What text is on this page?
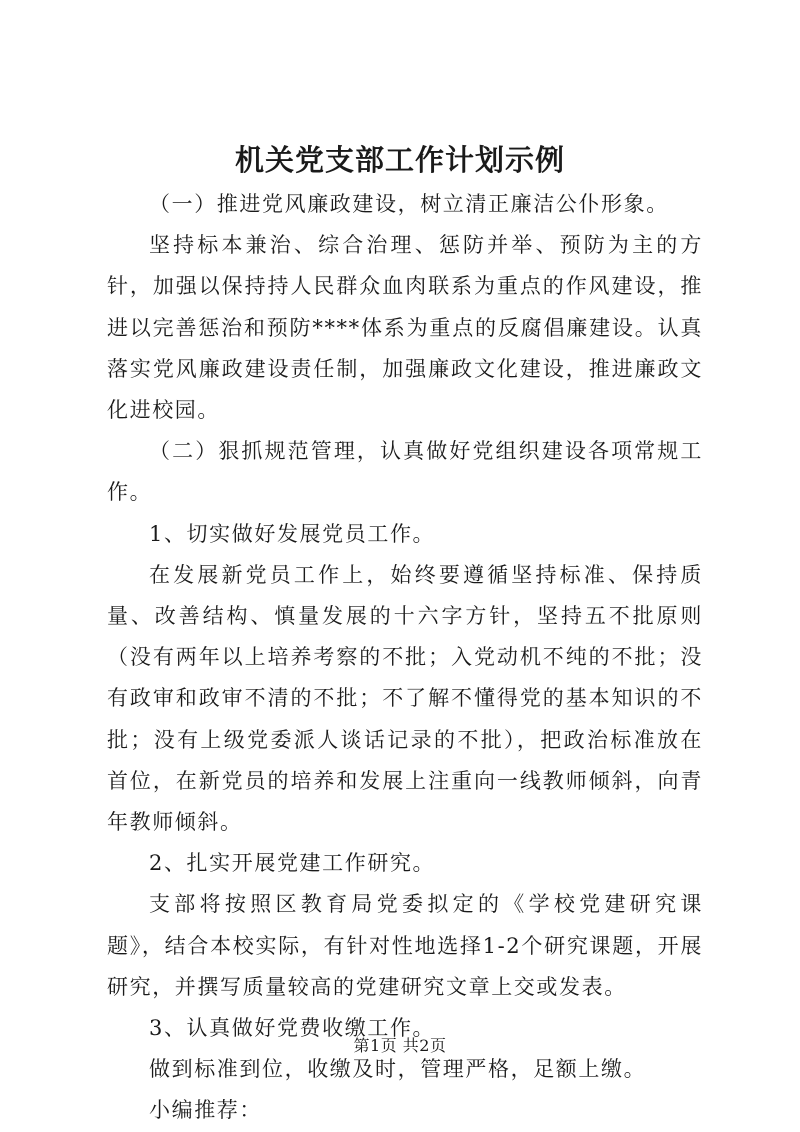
机关党支部工作计划示例

（一）推进党风廉政建设，树立清正廉洁公仆形象。

坚持标本兼治、综合治理、惩防并举、预防为主的方针，加强以保持持人民群众血肉联系为重点的作风建设，推进以完善惩治和预防****体系为重点的反腐倡廉建设。认真落实党风廉政建设责任制，加强廉政文化建设，推进廉政文化进校园。

（二）狠抓规范管理，认真做好党组织建设各项常规工作。

1、切实做好发展党员工作。

在发展新党员工作上，始终要遵循坚持标准、保持质量、改善结构、慎量发展的十六字方针，坚持五不批原则（没有两年以上培养考察的不批；入党动机不纯的不批；没有政审和政审不清的不批；不了解不懂得党的基本知识的不批；没有上级党委派人谈话记录的不批），把政治标准放在首位，在新党员的培养和发展上注重向一线教师倾斜，向青年教师倾斜。

2、扎实开展党建工作研究。

支部将按照区教育局党委拟定的《学校党建研究课题》，结合本校实际，有针对性地选择1-2个研究课题，开展研究，并撰写质量较高的党建研究文章上交或发表。

3、认真做好党费收缴工作。

做到标准到位，收缴及时，管理严格，足额上缴。

小编推荐：

第1页 共2页
